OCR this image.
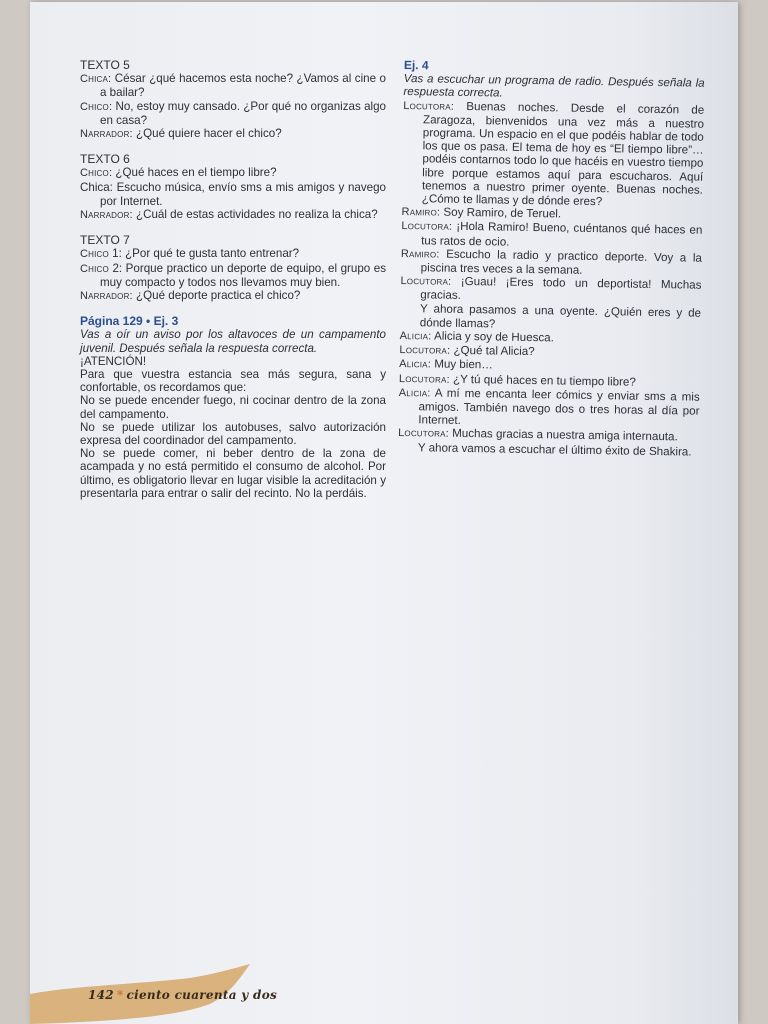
TEXTO 5
Chica: César ¿qué hacemos esta noche? ¿Vamos al cine o a bailar?
Chico: No, estoy muy cansado. ¿Por qué no organizas algo en casa?
Narrador: ¿Qué quiere hacer el chico?
TEXTO 6
Chico: ¿Qué haces en el tiempo libre?
Chica: Escucho música, envío sms a mis amigos y navego por Internet.
Narrador: ¿Cuál de estas actividades no realiza la chica?
TEXTO 7
Chico 1: ¿Por qué te gusta tanto entrenar?
Chico 2: Porque practico un deporte de equipo, el grupo es muy compacto y todos nos llevamos muy bien.
Narrador: ¿Qué deporte practica el chico?
Página 129 • Ej. 3
Vas a oír un aviso por los altavoces de un campamento juvenil. Después señala la respuesta correcta.
¡ATENCIÓN!
Para que vuestra estancia sea más segura, sana y confortable, os recordamos que:
No se puede encender fuego, ni cocinar dentro de la zona del campamento.
No se puede utilizar los autobuses, salvo autorización expresa del coordinador del campamento.
No se puede comer, ni beber dentro de la zona de acampada y no está permitido el consumo de alcohol. Por último, es obligatorio llevar en lugar visible la acreditación y presentarla para entrar o salir del recinto. No la perdáis.
Ej. 4
Vas a escuchar un programa de radio. Después señala la respuesta correcta.
Locutora: Buenas noches. Desde el corazón de Zaragoza, bienvenidos una vez más a nuestro programa. Un espacio en el que podéis hablar de todo los que os pasa. El tema de hoy es “El tiempo libre”… podéis contarnos todo lo que hacéis en vuestro tiempo libre porque estamos aquí para escucharos. Aquí tenemos a nuestro primer oyente. Buenas noches. ¿Cómo te llamas y de dónde eres?
Ramiro: Soy Ramiro, de Teruel.
Locutora: ¡Hola Ramiro! Bueno, cuéntanos qué haces en tus ratos de ocio.
Ramiro: Escucho la radio y practico deporte. Voy a la piscina tres veces a la semana.
Locutora: ¡Guau! ¡Eres todo un deportista! Muchas gracias.
Y ahora pasamos a una oyente. ¿Quién eres y de dónde llamas?
Alicia: Alicia y soy de Huesca.
Locutora: ¿Qué tal Alicia?
Alicia: Muy bien…
Locutora: ¿Y tú qué haces en tu tiempo libre?
Alicia: A mí me encanta leer cómics y enviar sms a mis amigos. También navego dos o tres horas al día por Internet.
Locutora: Muchas gracias a nuestra amiga internauta.
Y ahora vamos a escuchar el último éxito de Shakira.
142 * ciento cuarenta y dos
